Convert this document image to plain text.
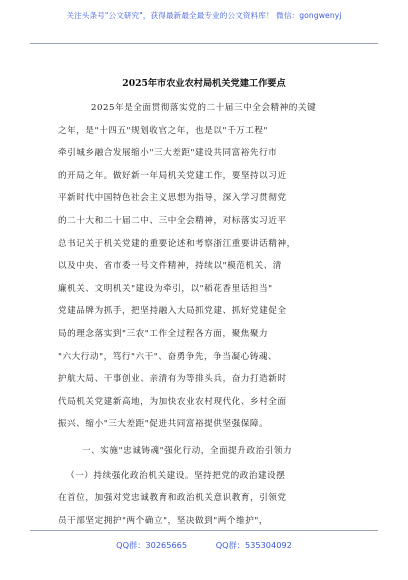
关注头条号"公文研究"，获得最新最全最专业的公文资料库！ 微信：gongwenyj
2025年市农业农村局机关党建工作要点
2025年是全面贯彻落实党的二十届三中全会精神的关键
之年，是"十四五"规划收官之年，也是以"千万工程"
牵引城乡融合发展缩小"三大差距"建设共同富裕先行市
的开局之年。做好新一年局机关党建工作，要坚持以习近
平新时代中国特色社会主义思想为指导，深入学习贯彻党
的二十大和二十届二中、三中全会精神，对标落实习近平
总书记关于机关党建的重要论述和考察浙江重要讲话精神，
以及中央、省市委一号文件精神，持续以"模范机关、清
廉机关、文明机关"建设为牵引，以"稻花香里话担当"
党建品牌为抓手，把坚持融入大局抓党建、抓好党建促全
局的理念落实到"三农"工作全过程各方面，聚焦聚力
"六大行动"，笃行"六干"、奋勇争先，争当凝心铸魂、
护航大局、干事创业、亲清有为等排头兵，奋力打造新时
代局机关党建新高地，为加快农业农村现代化、乡村全面
振兴、缩小"三大差距"促进共同富裕提供坚强保障。
一、实施"忠诚铸魂"强化行动，全面提升政治引领力
（一）持续强化政治机关建设。坚持把党的政治建设摆
在首位，加强对党忠诚教育和政治机关意识教育，引领党
员干部坚定拥护"两个确立"，坚决做到"两个维护"，
QQ群：30265665	QQ群：535304092
